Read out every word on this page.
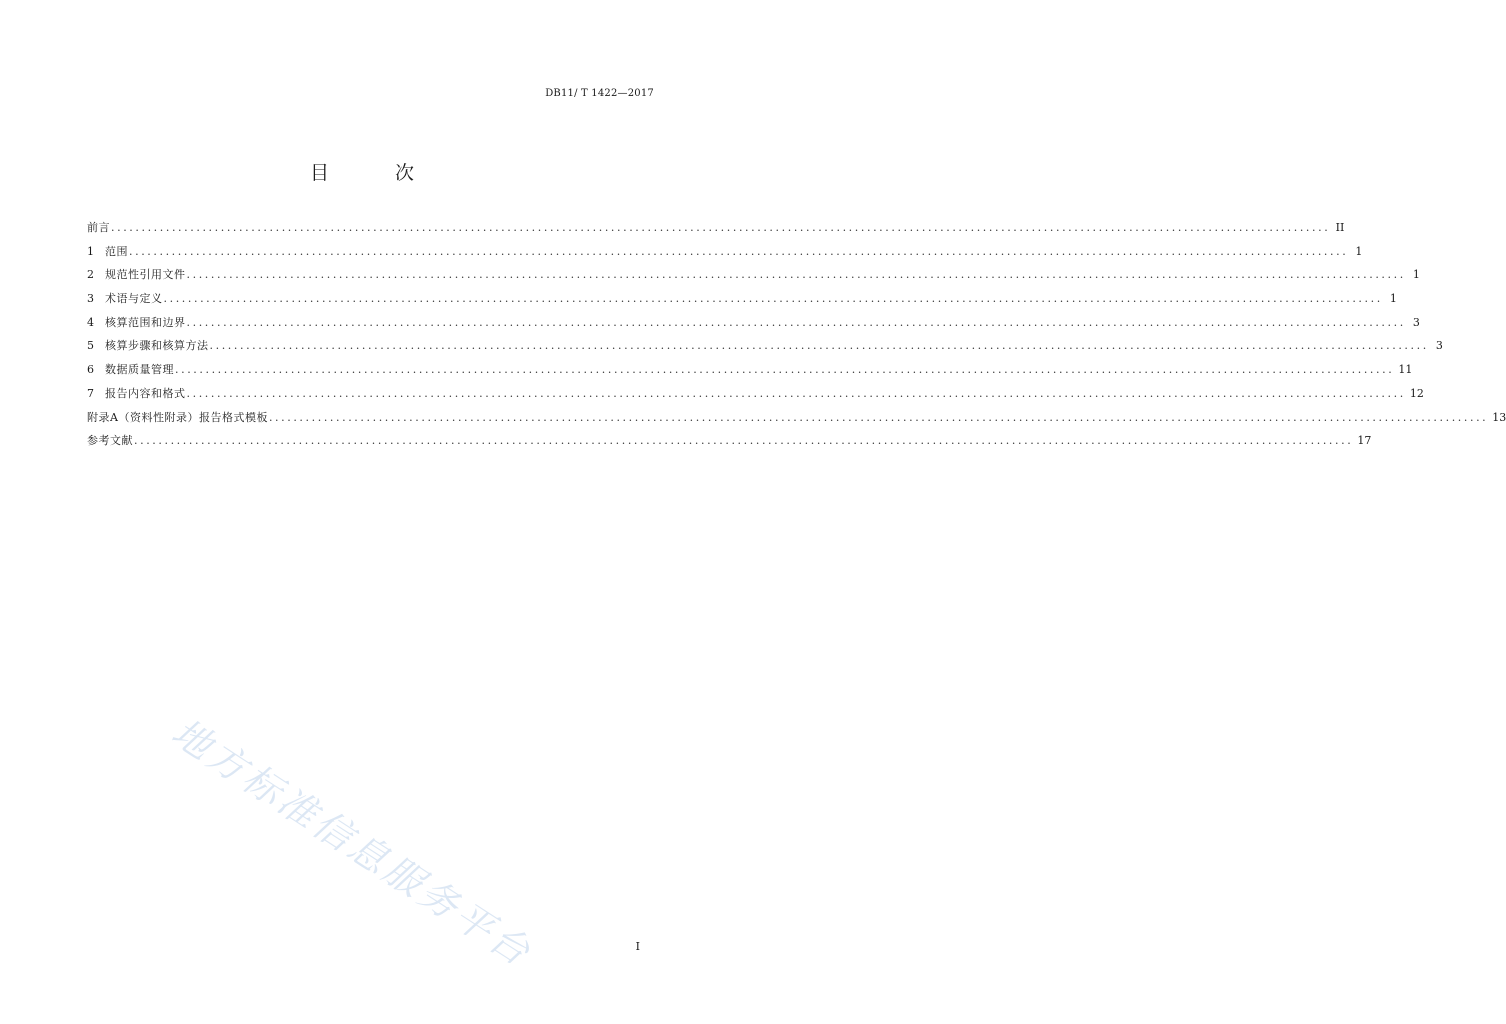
DB11/ T 1422—2017
目 次
前言 ........................................................................................................................................................................................................ II
1	范围 ........................................................................................................................................................................................................ 1
2	规范性引用文件 ........................................................................................................................................................................................................ 1
3	术语与定义 ........................................................................................................................................................................................................ 1
4	核算范围和边界 ........................................................................................................................................................................................................ 3
5	核算步骤和核算方法 ........................................................................................................................................................................................................ 3
6	数据质量管理 ........................................................................................................................................................................................................ 11
7	报告内容和格式 ........................................................................................................................................................................................................ 12
附录A（资料性附录）报告格式模板 ........................................................................................................................................................................................................ 13
参考文献 ........................................................................................................................................................................................................ 17
地方标准信息服务平台	I
